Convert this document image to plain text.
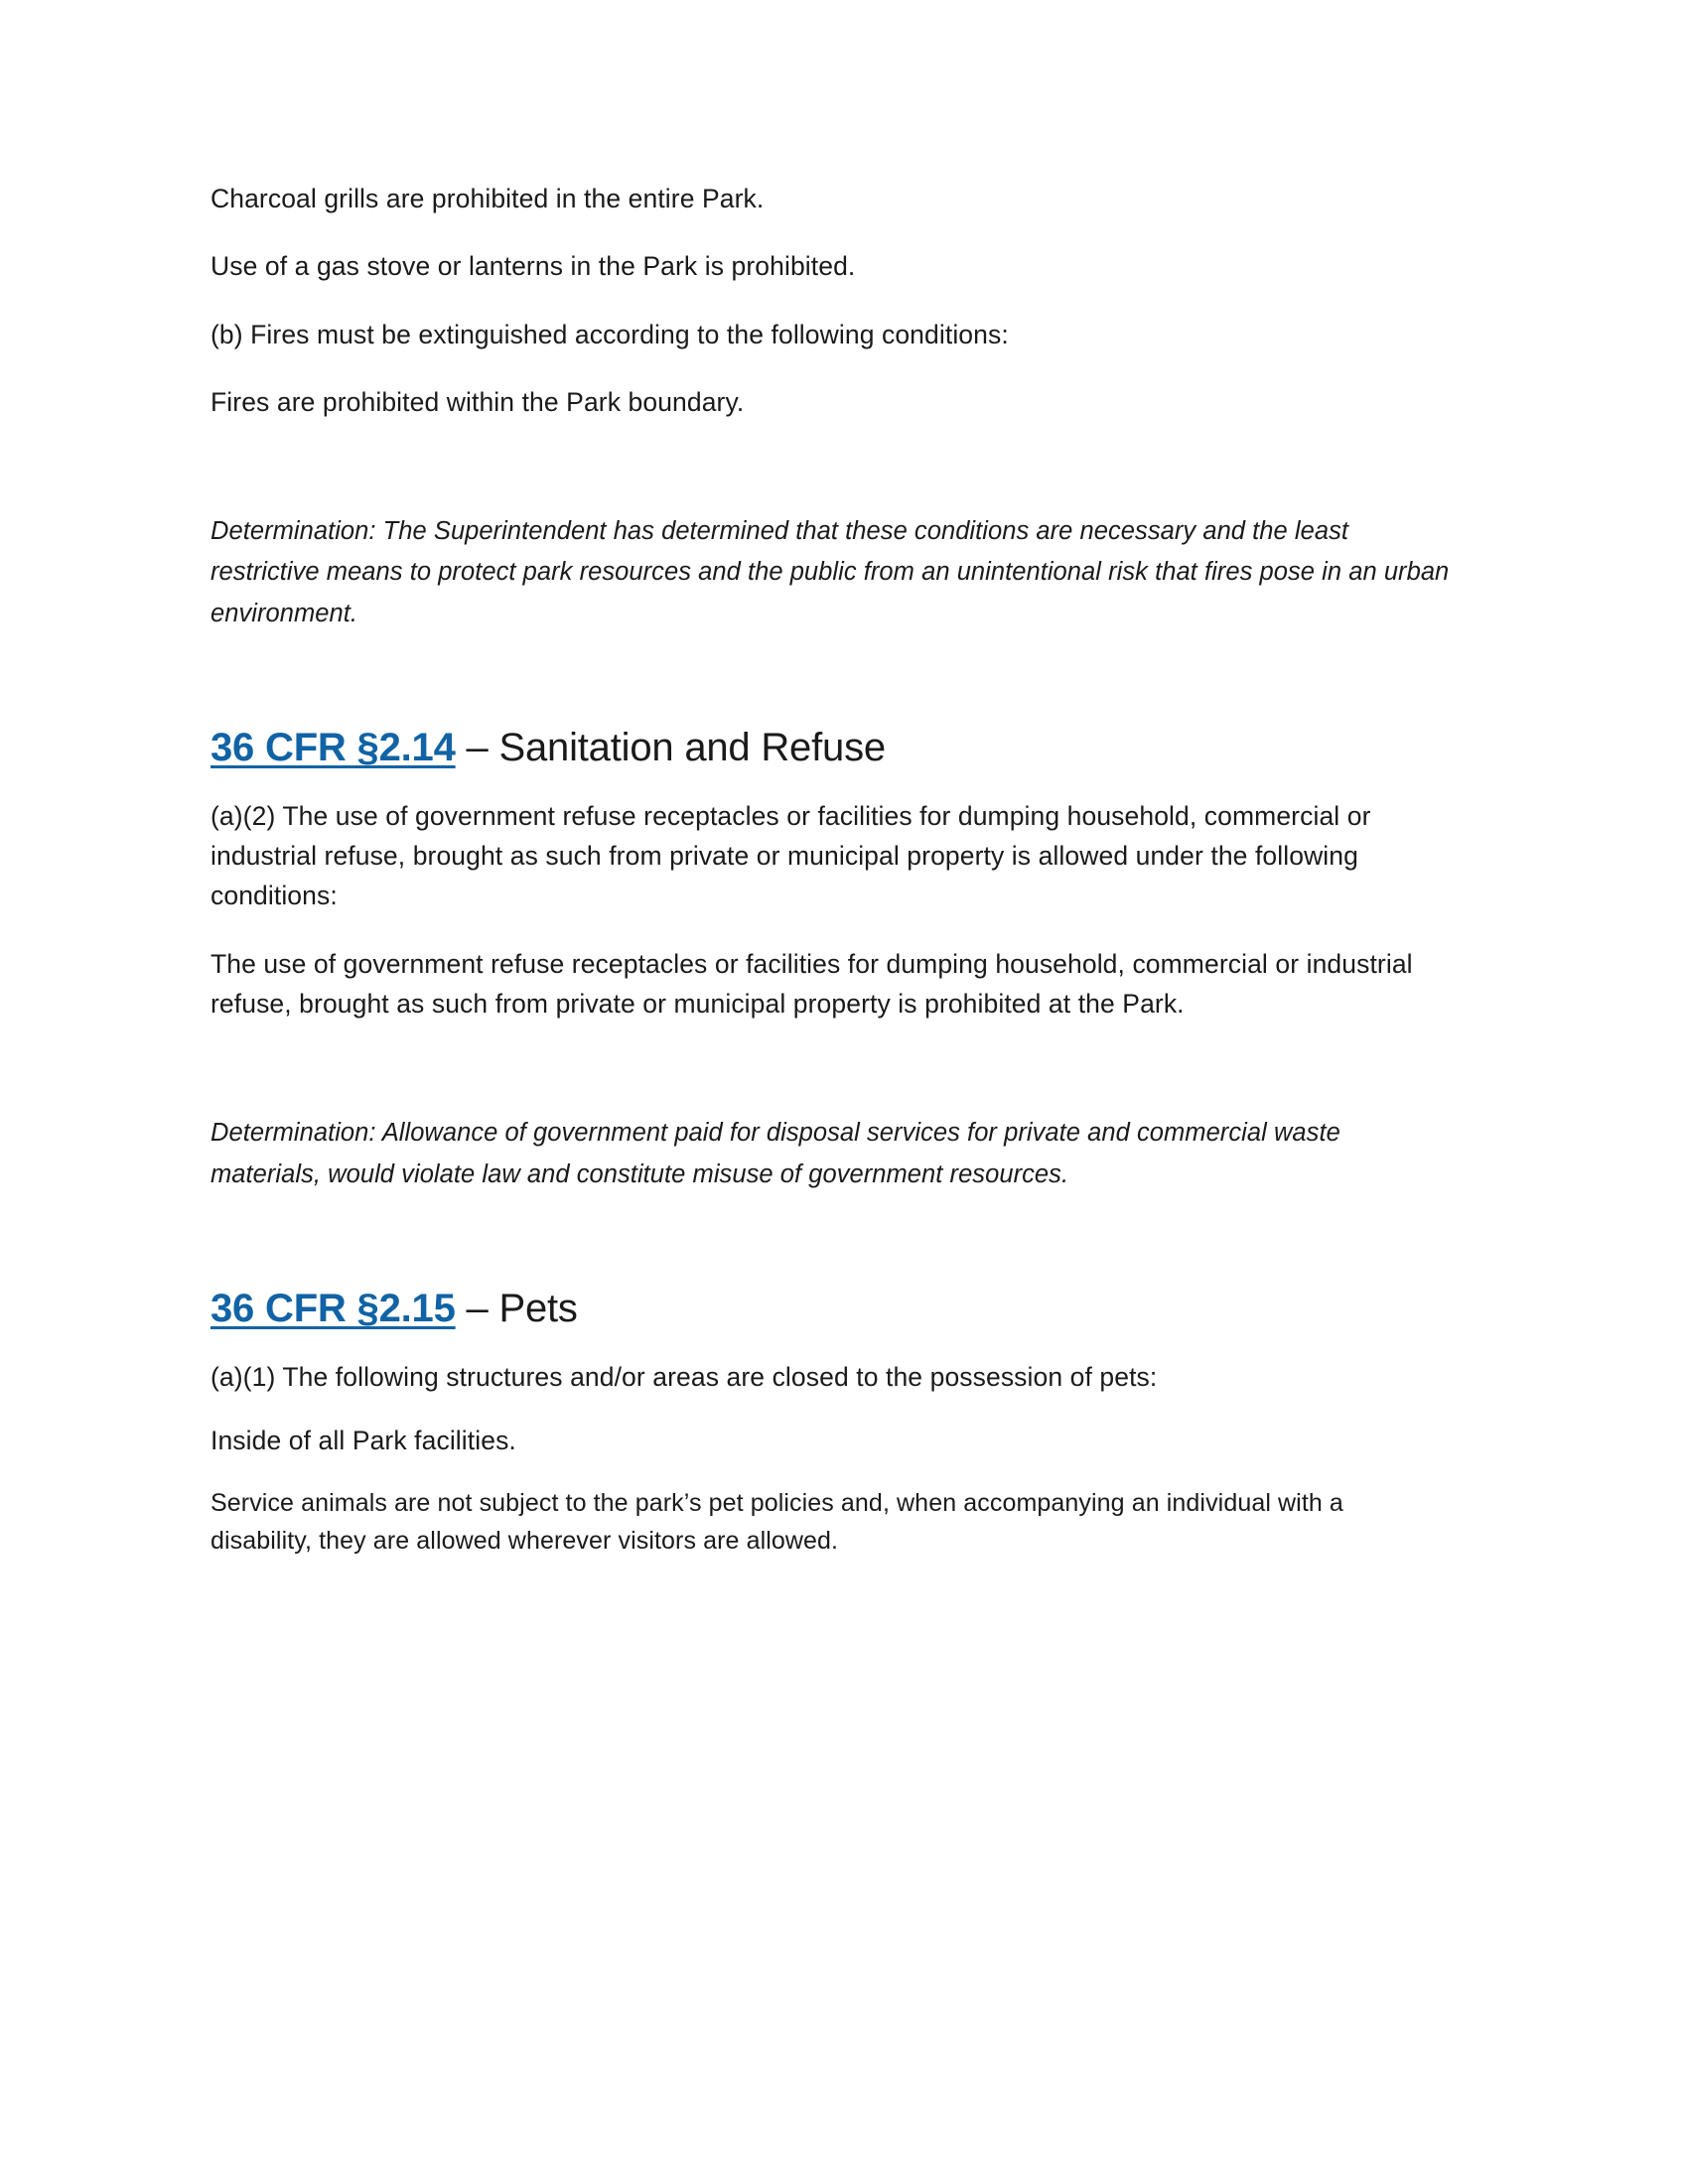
Charcoal grills are prohibited in the entire Park.

Use of a gas stove or lanterns in the Park is prohibited.

(b) Fires must be extinguished according to the following conditions:

Fires are prohibited within the Park boundary.

Determination: The Superintendent has determined that these conditions are necessary and the least restrictive means to protect park resources and the public from an unintentional risk that fires pose in an urban environment.

36 CFR §2.14 – Sanitation and Refuse

(a)(2) The use of government refuse receptacles or facilities for dumping household, commercial or industrial refuse, brought as such from private or municipal property is allowed under the following conditions:

The use of government refuse receptacles or facilities for dumping household, commercial or industrial refuse, brought as such from private or municipal property is prohibited at the Park.

Determination: Allowance of government paid for disposal services for private and commercial waste materials, would violate law and constitute misuse of government resources.

36 CFR §2.15 – Pets

(a)(1) The following structures and/or areas are closed to the possession of pets:

Inside of all Park facilities.

Service animals are not subject to the park’s pet policies and, when accompanying an individual with a disability, they are allowed wherever visitors are allowed.
